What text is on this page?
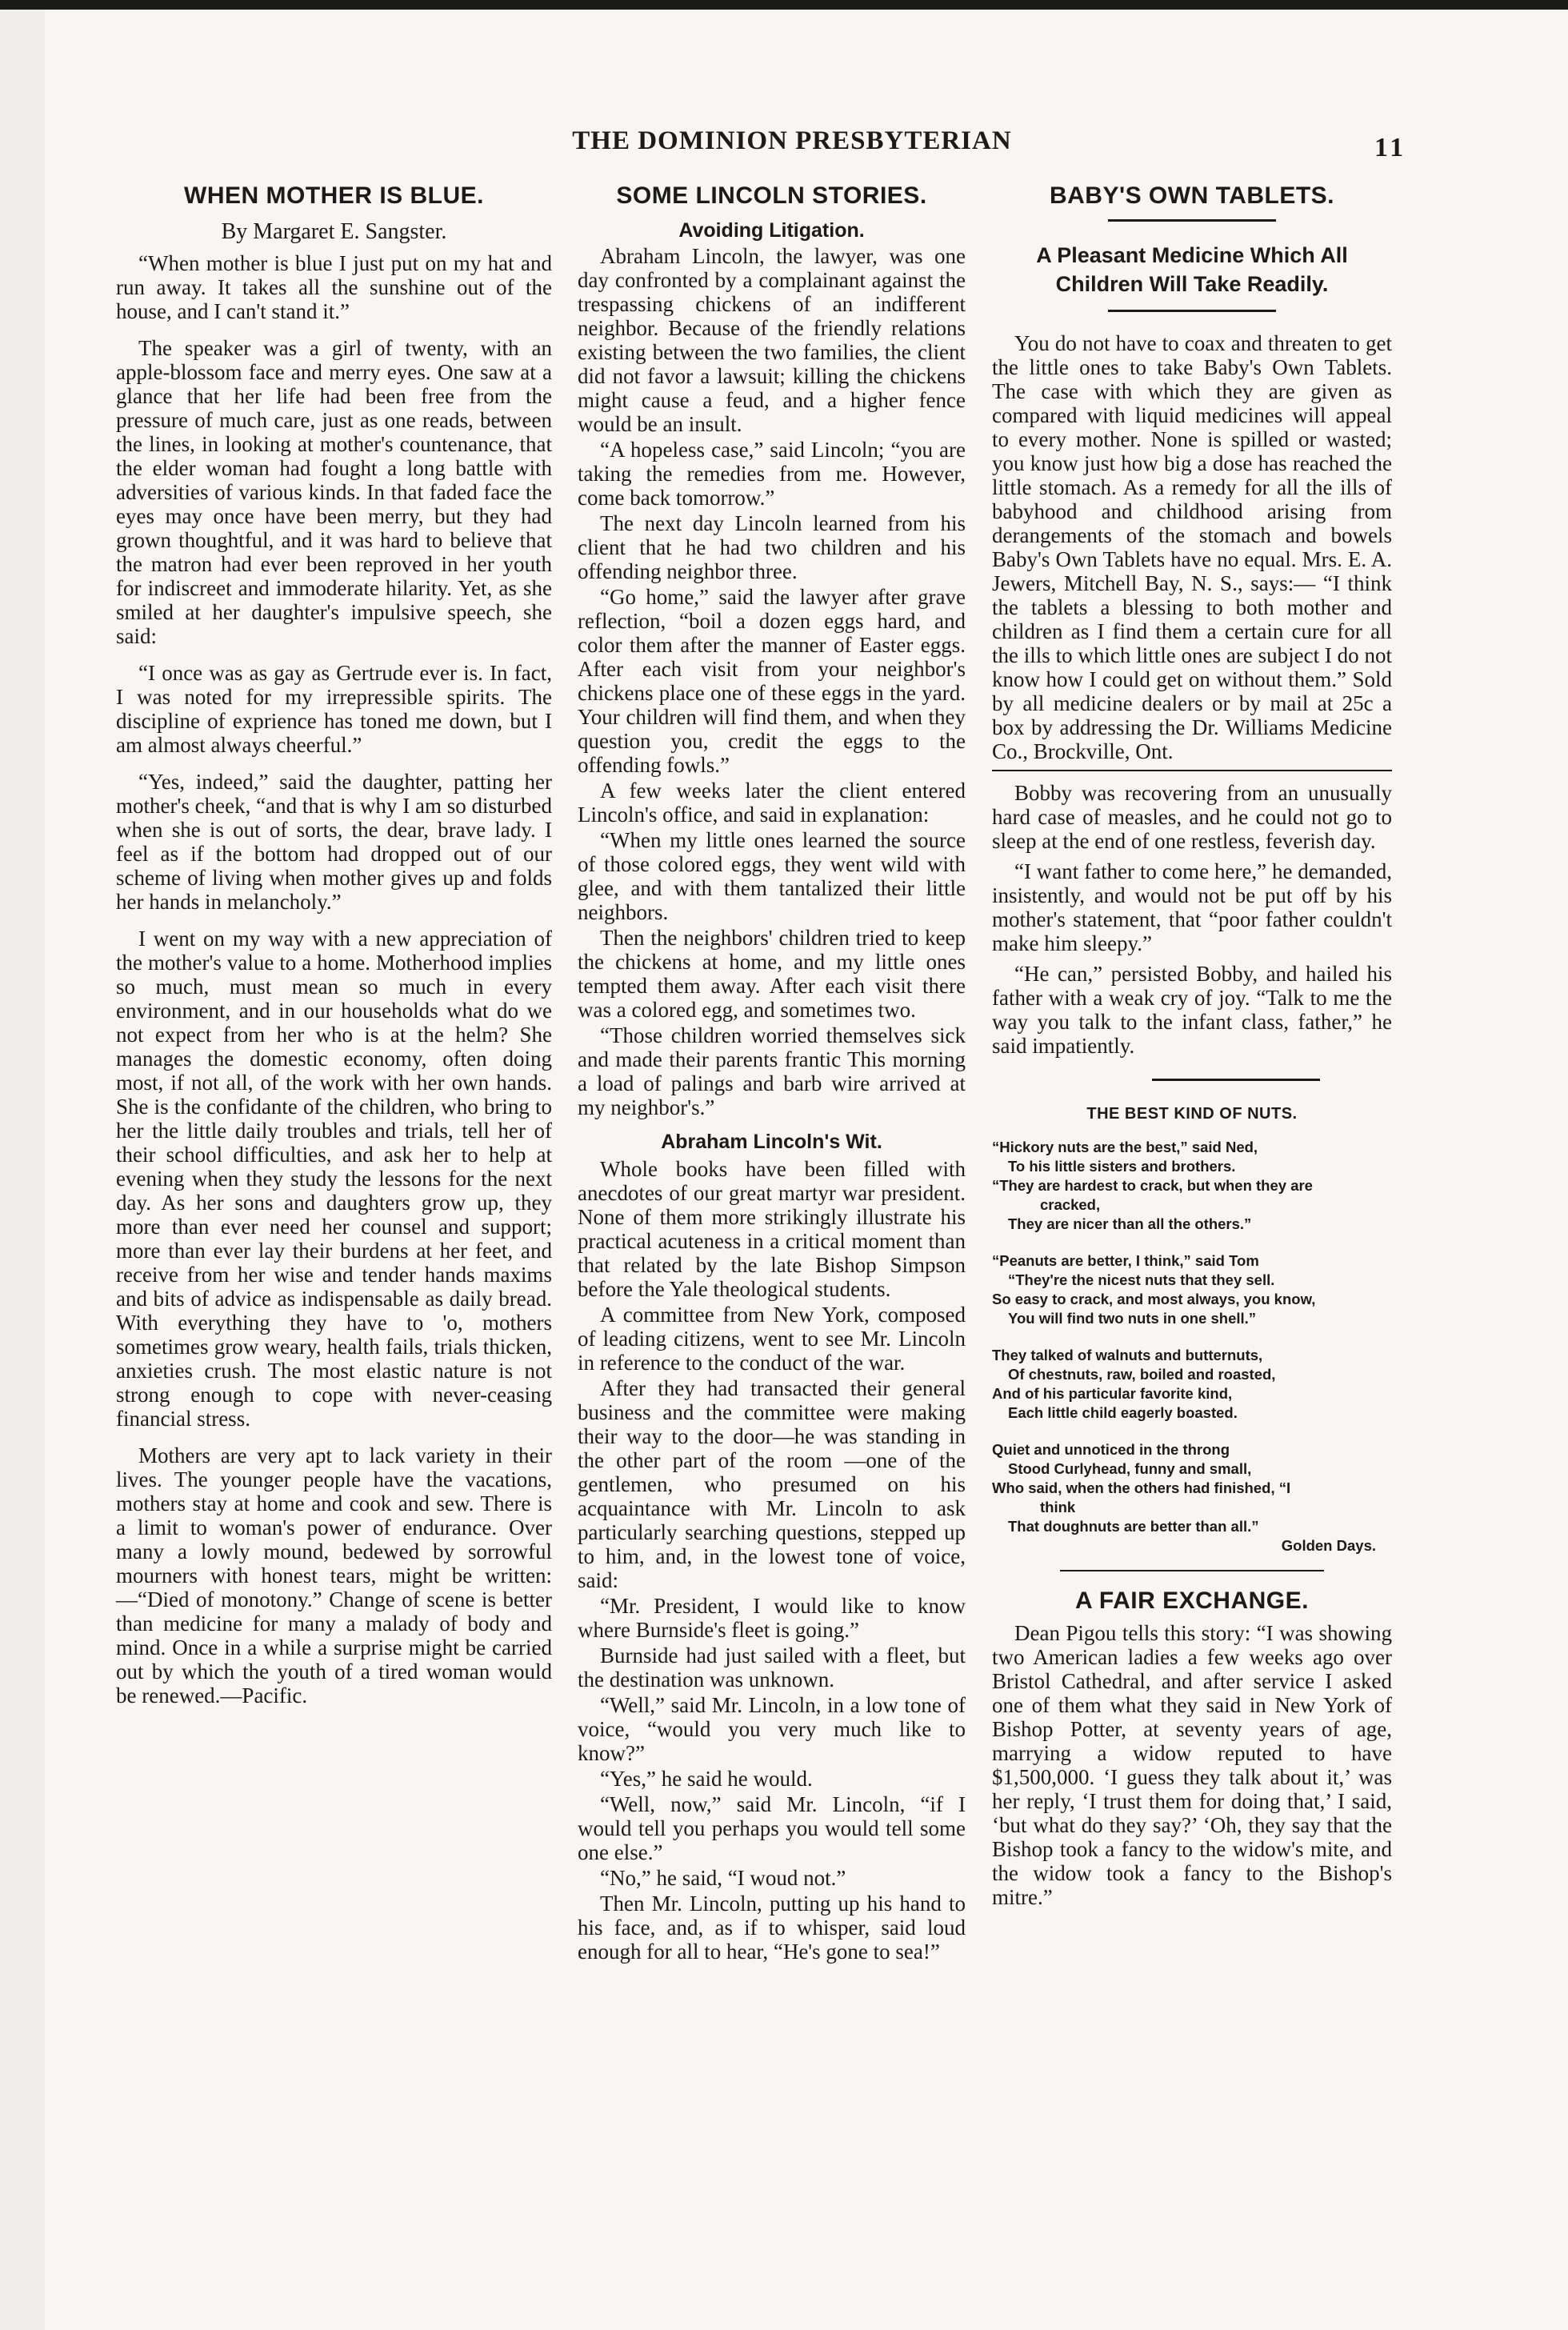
THE DOMINION PRESBYTERIAN	11
WHEN MOTHER IS BLUE.
By Margaret E. Sangster.

“When mother is blue I just put on my hat and run away. It takes all the sunshine out of the house, and I can't stand it.”

The speaker was a girl of twenty, with an apple-blossom face and merry eyes. One saw at a glance that her life had been free from the pressure of much care, just as one reads, between the lines, in looking at mother's countenance, that the elder woman had fought a long battle with adversities of various kinds. In that faded face the eyes may once have been merry, but they had grown thoughtful, and it was hard to believe that the matron had ever been reproved in her youth for indiscreet and immoderate hilarity. Yet, as she smiled at her daughter's impulsive speech, she said:

“I once was as gay as Gertrude ever is. In fact, I was noted for my irrepressible spirits. The discipline of exprience has toned me down, but I am almost always cheerful.”

“Yes, indeed,” said the daughter, patting her mother's cheek, “and that is why I am so disturbed when she is out of sorts, the dear, brave lady. I feel as if the bottom had dropped out of our scheme of living when mother gives up and folds her hands in melancholy.”

I went on my way with a new appreciation of the mother's value to a home. Motherhood implies so much, must mean so much in every environment, and in our households what do we not expect from her who is at the helm? She manages the domestic economy, often doing most, if not all, of the work with her own hands. She is the confidante of the children, who bring to her the little daily troubles and trials, tell her of their school difficulties, and ask her to help at evening when they study the lessons for the next day. As her sons and daughters grow up, they more than ever need her counsel and support; more than ever lay their burdens at her feet, and receive from her wise and tender hands maxims and bits of advice as indispensable as daily bread. With everything they have to 'o, mothers sometimes grow weary, health fails, trials thicken, anxieties crush. The most elastic nature is not strong enough to cope with never-ceasing financial stress.

Mothers are very apt to lack variety in their lives. The younger people have the vacations, mothers stay at home and cook and sew. There is a limit to woman's power of endurance. Over many a lowly mound, bedewed by sorrowful mourners with honest tears, might be written:—“Died of monotony.” Change of scene is better than medicine for many a malady of body and mind. Once in a while a surprise might be carried out by which the youth of a tired woman would be renewed.—Pacific.

SOME LINCOLN STORIES.
Avoiding Litigation.

Abraham Lincoln, the lawyer, was one day confronted by a complainant against the trespassing chickens of an indifferent neighbor. Because of the friendly relations existing between the two families, the client did not favor a lawsuit; killing the chickens might cause a feud, and a higher fence would be an insult.

“A hopeless case,” said Lincoln; “you are taking the remedies from me. However, come back tomorrow.”

The next day Lincoln learned from his client that he had two children and his offending neighbor three.

“Go home,” said the lawyer after grave reflection, “boil a dozen eggs hard, and color them after the manner of Easter eggs. After each visit from your neighbor's chickens place one of these eggs in the yard. Your children will find them, and when they question you, credit the eggs to the offending fowls.”

A few weeks later the client entered Lincoln's office, and said in explanation:

“When my little ones learned the source of those colored eggs, they went wild with glee, and with them tantalized their little neighbors.

Then the neighbors' children tried to keep the chickens at home, and my little ones tempted them away. After each visit there was a colored egg, and sometimes two.

“Those children worried themselves sick and made their parents frantic This morning a load of palings and barb wire arrived at my neighbor's.”

Abraham Lincoln's Wit.

Whole books have been filled with anecdotes of our great martyr war president. None of them more strikingly illustrate his practical acuteness in a critical moment than that related by the late Bishop Simpson before the Yale theological students.

A committee from New York, composed of leading citizens, went to see Mr. Lincoln in reference to the conduct of the war.

After they had transacted their general business and the committee were making their way to the door—he was standing in the other part of the room —one of the gentlemen, who presumed on his acquaintance with Mr. Lincoln to ask particularly searching questions, stepped up to him, and, in the lowest tone of voice, said:

“Mr. President, I would like to know where Burnside's fleet is going.”

Burnside had just sailed with a fleet, but the destination was unknown.

“Well,” said Mr. Lincoln, in a low tone of voice, “would you very much like to know?”

“Yes,” he said he would.

“Well, now,” said Mr. Lincoln, “if I would tell you perhaps you would tell some one else.”

“No,” he said, “I woud not.”

Then Mr. Lincoln, putting up his hand to his face, and, as if to whisper, said loud enough for all to hear, “He's gone to sea!”

BABY'S OWN TABLETS.
A Pleasant Medicine Which All Children Will Take Readily.

You do not have to coax and threaten to get the little ones to take Baby's Own Tablets. The case with which they are given as compared with liquid medicines will appeal to every mother. None is spilled or wasted; you know just how big a dose has reached the little stomach. As a remedy for all the ills of babyhood and childhood arising from derangements of the stomach and bowels Baby's Own Tablets have no equal. Mrs. E. A. Jewers, Mitchell Bay, N. S., says:— “I think the tablets a blessing to both mother and children as I find them a certain cure for all the ills to which little ones are subject I do not know how I could get on without them.” Sold by all medicine dealers or by mail at 25c a box by addressing the Dr. Williams Medicine Co., Brockville, Ont.

Bobby was recovering from an unusually hard case of measles, and he could not go to sleep at the end of one restless, feverish day.

“I want father to come here,” he demanded, insistently, and would not be put off by his mother's statement, that “poor father couldn't make him sleepy.”

“He can,” persisted Bobby, and hailed his father with a weak cry of joy. “Talk to me the way you talk to the infant class, father,” he said impatiently.

THE BEST KIND OF NUTS.
“Hickory nuts are the best,” said Ned,
To his little sisters and brothers.
“They are hardest to crack, but when they are
cracked,
They are nicer than all the others.”
“Peanuts are better, I think,” said Tom
“They're the nicest nuts that they sell.
So easy to crack, and most always, you know,
You will find two nuts in one shell.”
They talked of walnuts and butternuts,
Of chestnuts, raw, boiled and roasted,
And of his particular favorite kind,
Each little child eagerly boasted.
Quiet and unnoticed in the throng
Stood Curlyhead, funny and small,
Who said, when the others had finished, “I
think
That doughnuts are better than all.”
Golden Days.
A FAIR EXCHANGE.

Dean Pigou tells this story: “I was showing two American ladies a few weeks ago over Bristol Cathedral, and after service I asked one of them what they said in New York of Bishop Potter, at seventy years of age, marrying a widow reputed to have $1,500,000. ‘I guess they talk about it,’ was her reply, ‘I trust them for doing that,’ I said, ‘but what do they say?’ ‘Oh, they say that the Bishop took a fancy to the widow's mite, and the widow took a fancy to the Bishop's mitre.”
